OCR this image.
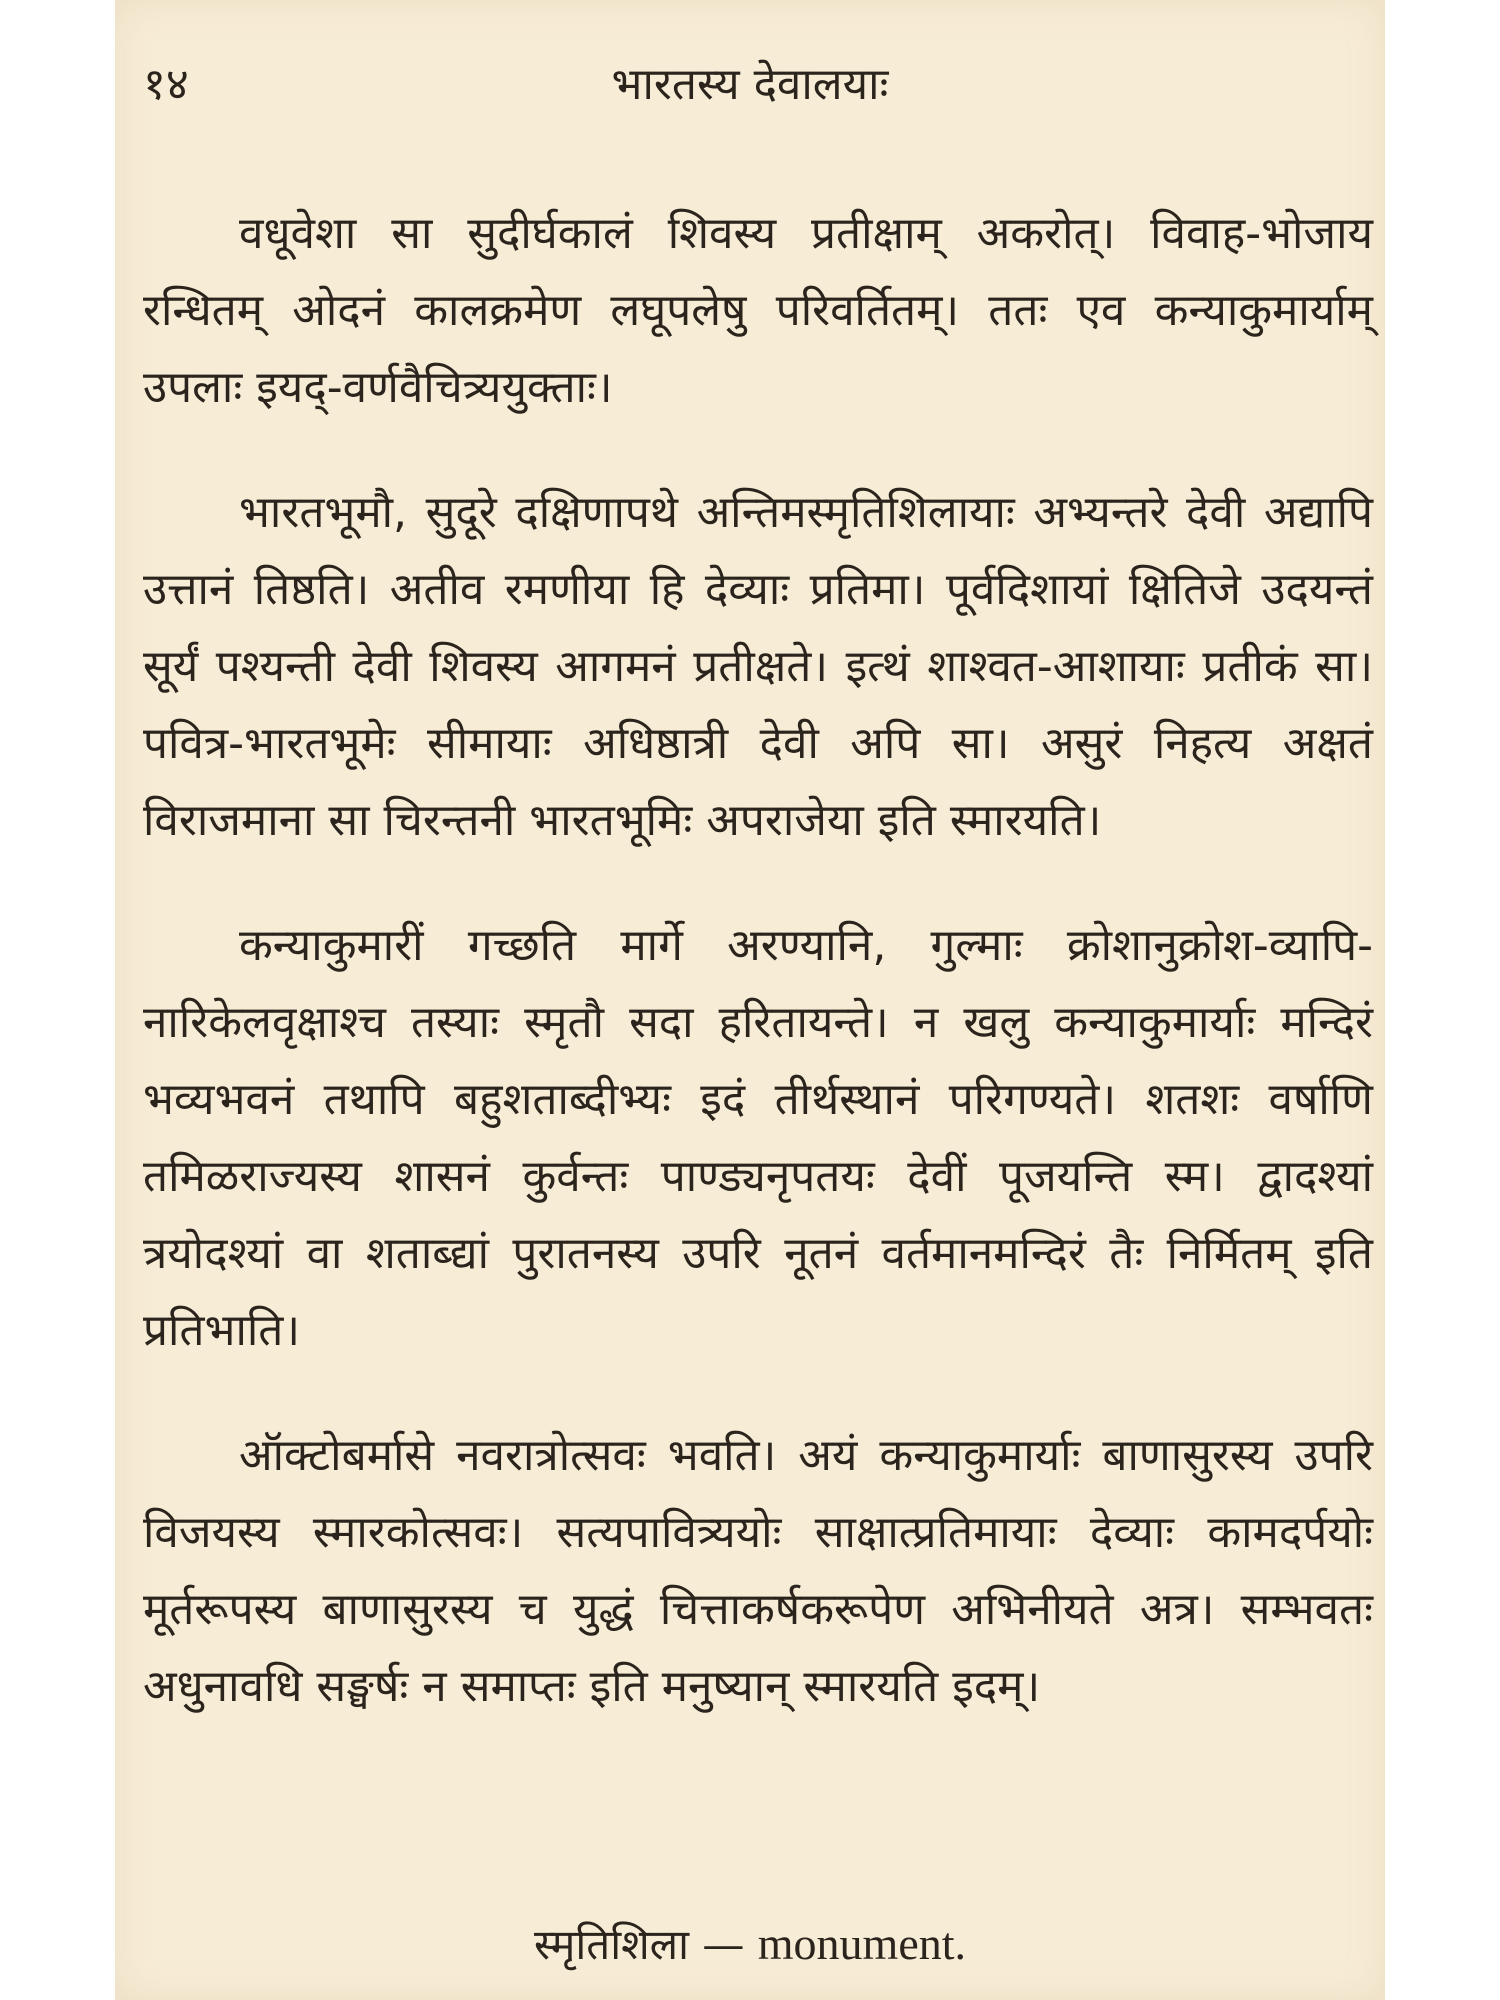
१४	भारतस्य देवालयाः

वधूवेशा सा सुदीर्घकालं शिवस्य प्रतीक्षाम् अकरोत्। विवाह-भोजाय रन्धितम् ओदनं कालक्रमेण लघूपलेषु परिवर्तितम्। ततः एव कन्याकुमार्याम् उपलाः इयद्-वर्णवैचित्र्ययुक्ताः।

भारतभूमौ, सुदूरे दक्षिणापथे अन्तिमस्मृतिशिलायाः अभ्यन्तरे देवी अद्यापि उत्तानं तिष्ठति। अतीव रमणीया हि देव्याः प्रतिमा। पूर्वदिशायां क्षितिजे उदयन्तं सूर्यं पश्यन्ती देवी शिवस्य आगमनं प्रतीक्षते। इत्थं शाश्वत-आशायाः प्रतीकं सा। पवित्र-भारतभूमेः सीमायाः अधिष्ठात्री देवी अपि सा। असुरं निहत्य अक्षतं विराजमाना सा चिरन्तनी भारतभूमिः अपराजेया इति स्मारयति।

कन्याकुमारीं गच्छति मार्गे अरण्यानि, गुल्माः क्रोशानुक्रोश-व्यापि-नारिकेलवृक्षाश्च तस्याः स्मृतौ सदा हरितायन्ते। न खलु कन्याकुमार्याः मन्दिरं भव्यभवनं तथापि बहुशताब्दीभ्यः इदं तीर्थस्थानं परिगण्यते। शतशः वर्षाणि तमिळराज्यस्य शासनं कुर्वन्तः पाण्ड्यनृपतयः देवीं पूजयन्ति स्म। द्वादश्यां त्रयोदश्यां वा शताब्द्यां पुरातनस्य उपरि नूतनं वर्तमानमन्दिरं तैः निर्मितम् इति प्रतिभाति।

ऑक्टोबर्मासे नवरात्रोत्सवः भवति। अयं कन्याकुमार्याः बाणासुरस्य उपरि विजयस्य स्मारकोत्सवः। सत्यपावित्र्ययोः साक्षात्प्रतिमायाः देव्याः कामदर्पयोः मूर्तरूपस्य बाणासुरस्य च युद्धं चित्ताकर्षकरूपेण अभिनीयते अत्र। सम्भवतः अधुनावधि सङ्घर्षः न समाप्तः इति मनुष्यान् स्मारयति इदम्।

स्मृतिशिला — monument.
